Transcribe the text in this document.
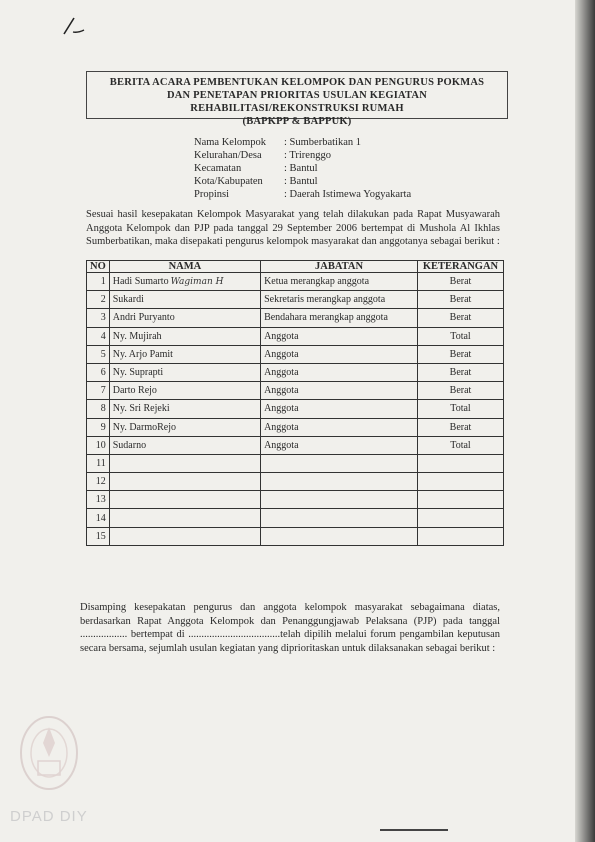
BERITA ACARA PEMBENTUKAN KELOMPOK DAN PENGURUS POKMAS
DAN PENETAPAN PRIORITAS USULAN KEGIATAN REHABILITASI/REKONSTRUKSI RUMAH
(BAPKPP & BAPPUK)
Nama Kelompok	: Sumberbatikan 1
Kelurahan/Desa	: Trirenggo
Kecamatan	: Bantul
Kota/Kabupaten	: Bantul
Propinsi	: Daerah Istimewa Yogyakarta
Sesuai hasil kesepakatan Kelompok Masyarakat yang telah dilakukan pada Rapat Musyawarah Anggota Kelompok dan PJP pada tanggal 29 September 2006 bertempat di Mushola Al Ikhlas Sumberbatikan, maka disepakati pengurus kelompok masyarakat dan anggotanya sebagai berikut :
NO	NAMA	JABATAN	KETERANGAN
1	Hadi Sumarto Wagiman H	Ketua merangkap anggota	Berat
2	Sukardi	Sekretaris merangkap anggota	Berat
3	Andri Puryanto	Bendahara merangkap anggota	Berat
4	Ny. Mujirah	Anggota	Total
5	Ny. Arjo Pamit	Anggota	Berat
6	Ny. Suprapti	Anggota	Berat
7	Darto Rejo	Anggota	Berat
8	Ny. Sri Rejeki	Anggota	Total
9	Ny. DarmoRejo	Anggota	Berat
10	Sudarno	Anggota	Total
11			
12			
13			
14			
15			
DPAD DIY
Disamping kesepakatan pengurus dan anggota kelompok masyarakat sebagaimana diatas, berdasarkan Rapat Anggota Kelompok dan Penanggungjawab Pelaksana (PJP) pada tanggal .................. bertempat di ...................................telah dipilih melalui forum pengambilan keputusan secara bersama, sejumlah usulan kegiatan yang diprioritaskan untuk dilaksanakan sebagai berikut :
